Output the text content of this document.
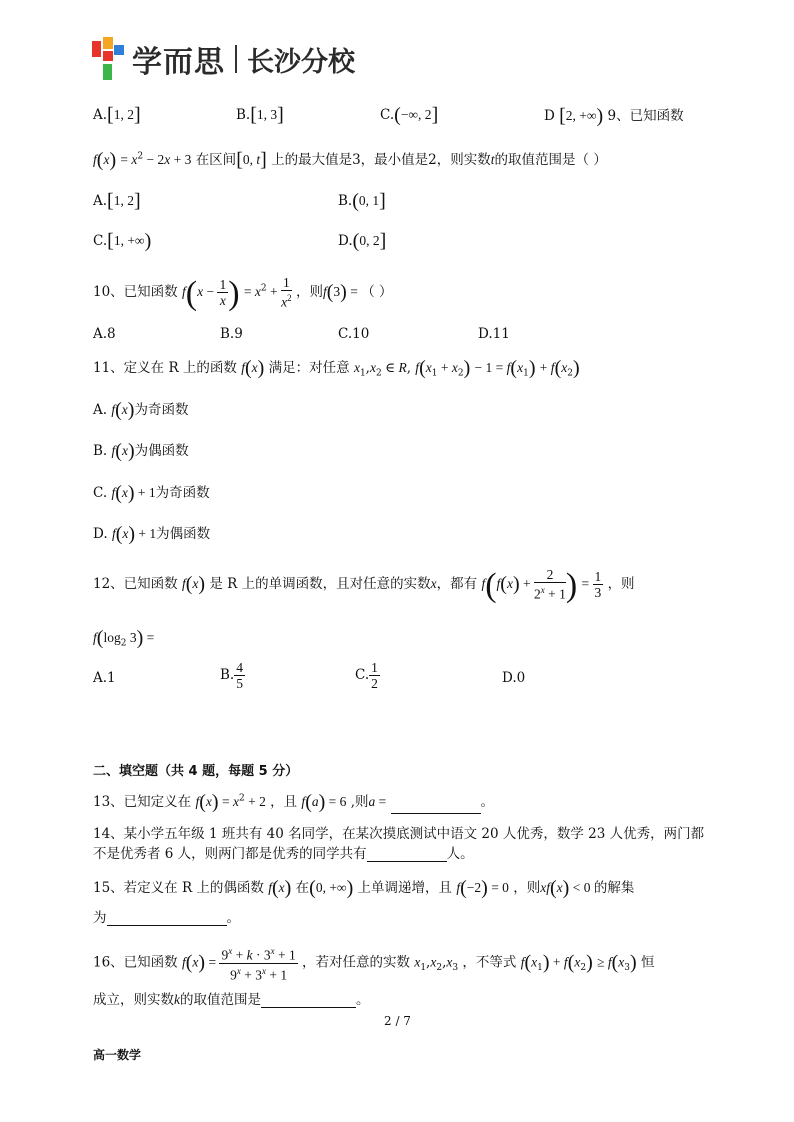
学而思 长沙分校
A.[1, 2]	B.[1, 3]	C.(−∞, 2]	D [2, +∞) 9、已知函数
$f(x) = x^2 - 2x + 3$ 在区间[0, t] 上的最大值是3，最小值是2，则实数t的取值范围是（ ）
A.[1, 2]	B.(0, 1]
C.[1, +∞)	D.(0, 2]
10、已知函数 $f(x - \frac{1}{x}$ ) = $x^2 + \frac{1}{x^2}$ ，则f(3) = （ ）
A.8	B.9	C.10	D.11
11、定义在 R 上的函数 f(x) 满足：对任意 $x_1,x_2$ ∈ R, $f(x_1 + x_2) - 1 = f(x_1) + f(x_2)$
A. f(x)为奇函数
B. f(x)为偶函数
C. f(x) + 1为奇函数
D. f(x) + 1为偶函数
12、已知函数 f(x) 是 R 上的单调函数，且对任意的实数x，都有 $f(f(x) + \frac{2}{2^x + 1}$ ) = $\frac{1}{3}$ ，则
$f(\log_2$ 3) =
A.1	B. $\frac{4}{5}$	C. $\frac{1}{2}$	D.0
二、填空题（共 4 题，每题 5 分）
13、已知定义在 $f(x) = x^2 + 2$ ，且 f(a) = 6 ,则a =	。
14、某小学五年级 1 班共有 40 名同学，在某次摸底测试中语文 20 人优秀，数学 23 人优秀，两门都
不是优秀者 6 人，则两门都是优秀的同学共有	人。
15、若定义在 R 上的偶函数 f(x) 在(0, +∞) 上单调递增，且 f(−2) = 0 ，则xf(x) < 0 的解集
为	。
16、已知函数 $f(x) = \frac{9^x + k \cdot 3^x + 1}{9^x + 3^x + 1}$ ，若对任意的实数 $x_1,x_2,x_3$ ，不等式 $f(x_1) + f(x_2) \ge f(x_3)$ 恒
成立，则实数k的取值范围是	。
2 / 7
高一数学
